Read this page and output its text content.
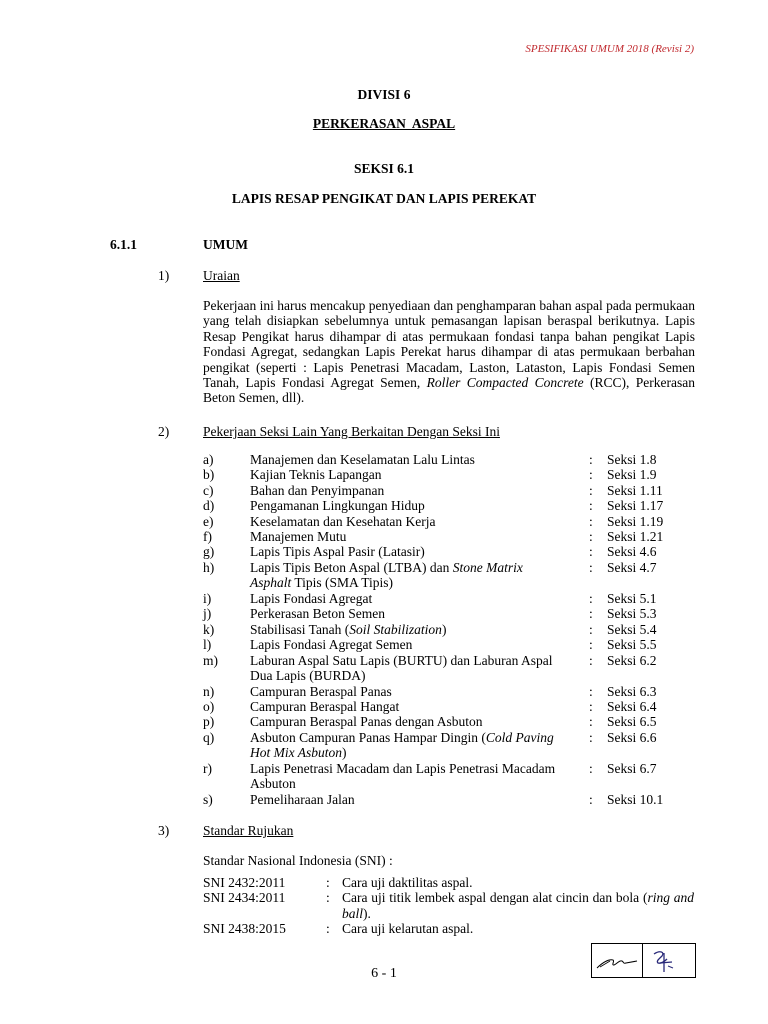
SPESIFIKASI UMUM 2018 (Revisi 2)
DIVISI 6
PERKERASAN  ASPAL
SEKSI 6.1
LAPIS RESAP PENGIKAT DAN LAPIS PEREKAT
6.1.1	UMUM
1)	Uraian
Pekerjaan ini harus mencakup penyediaan dan penghamparan bahan aspal pada permukaan yang telah disiapkan sebelumnya untuk pemasangan lapisan beraspal berikutnya. Lapis Resap Pengikat harus dihampar di atas permukaan fondasi tanpa bahan pengikat Lapis Fondasi Agregat, sedangkan Lapis Perekat harus dihampar di atas permukaan berbahan pengikat (seperti : Lapis Penetrasi Macadam, Laston, Lataston, Lapis Fondasi Semen Tanah, Lapis Fondasi Agregat Semen, Roller Compacted Concrete (RCC), Perkerasan Beton Semen, dll).
2)	Pekerjaan Seksi Lain Yang Berkaitan Dengan Seksi Ini
a)	Manajemen dan Keselamatan Lalu Lintas	: Seksi 1.8
b)	Kajian Teknis Lapangan	: Seksi 1.9
c)	Bahan dan Penyimpanan	: Seksi 1.11
d)	Pengamanan Lingkungan Hidup	: Seksi 1.17
e)	Keselamatan dan Kesehatan Kerja	: Seksi 1.19
f)	Manajemen Mutu	: Seksi 1.21
g)	Lapis Tipis Aspal Pasir (Latasir)	: Seksi 4.6
h)	Lapis Tipis Beton Aspal (LTBA) dan Stone Matrix
Asphalt Tipis (SMA Tipis)
: Seksi 4.7
i)	Lapis Fondasi Agregat	: Seksi 5.1
j)	Perkerasan Beton Semen	: Seksi 5.3
k)	Stabilisasi Tanah (Soil Stabilization)	: Seksi 5.4
l)	Lapis Fondasi Agregat Semen	: Seksi 5.5
m) Laburan Aspal Satu Lapis (BURTU) dan Laburan Aspal
Dua Lapis (BURDA)
: Seksi 6.2
n)	Campuran Beraspal Panas	: Seksi 6.3
o)	Campuran Beraspal Hangat	: Seksi 6.4
p)	Campuran Beraspal Panas dengan Asbuton	: Seksi 6.5
q)	Asbuton Campuran Panas Hampar Dingin (Cold Paving
Hot Mix Asbuton)
: Seksi 6.6
r)	Lapis Penetrasi Macadam dan Lapis Penetrasi Macadam
Asbuton
: Seksi 6.7
s)	Pemeliharaan Jalan	: Seksi 10.1
3)	Standar Rujukan
Standar Nasional Indonesia (SNI) :
SNI 2432:2011	: Cara uji daktilitas aspal.
SNI 2434:2011	: Cara uji titik lembek aspal dengan alat cincin dan bola (ring and ball).
SNI 2438:2015	: Cara uji kelarutan aspal.
6 - 1
